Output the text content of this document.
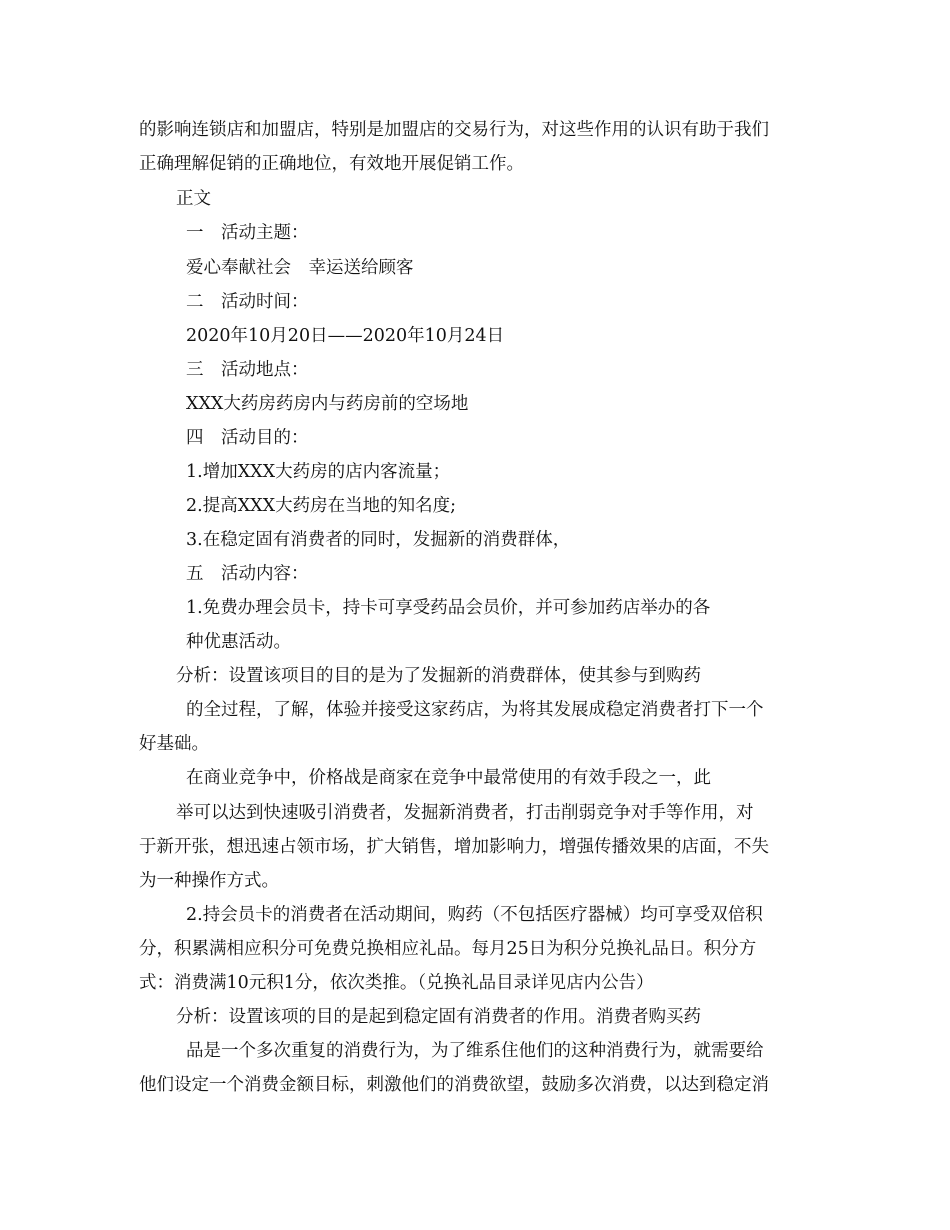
的影响连锁店和加盟店，特别是加盟店的交易行为，对这些作用的认识有助于我们
正确理解促销的正确地位，有效地开展促销工作。
正文
一　活动主题：
爱心奉献社会　幸运送给顾客
二　活动时间：
2020年10月20日——2020年10月24日
三　活动地点：
XXX大药房药房内与药房前的空场地
四　活动目的：
1.增加XXX大药房的店内客流量；
2.提高XXX大药房在当地的知名度;
3.在稳定固有消费者的同时，发掘新的消费群体，
五　活动内容：
1.免费办理会员卡，持卡可享受药品会员价，并可参加药店举办的各
种优惠活动。
分析：设置该项目的目的是为了发掘新的消费群体，使其参与到购药
的全过程，了解，体验并接受这家药店，为将其发展成稳定消费者打下一个
好基础。
在商业竞争中，价格战是商家在竞争中最常使用的有效手段之一，此
举可以达到快速吸引消费者，发掘新消费者，打击削弱竞争对手等作用，对
于新开张，想迅速占领市场，扩大销售，增加影响力，增强传播效果的店面，不失
为一种操作方式。
2.持会员卡的消费者在活动期间，购药（不包括医疗器械）均可享受双倍积
分，积累满相应积分可免费兑换相应礼品。每月25日为积分兑换礼品日。积分方
式：消费满10元积1分，依次类推。（兑换礼品目录详见店内公告）
分析：设置该项的目的是起到稳定固有消费者的作用。消费者购买药
品是一个多次重复的消费行为，为了维系住他们的这种消费行为，就需要给
他们设定一个消费金额目标，刺激他们的消费欲望，鼓励多次消费，以达到稳定消
